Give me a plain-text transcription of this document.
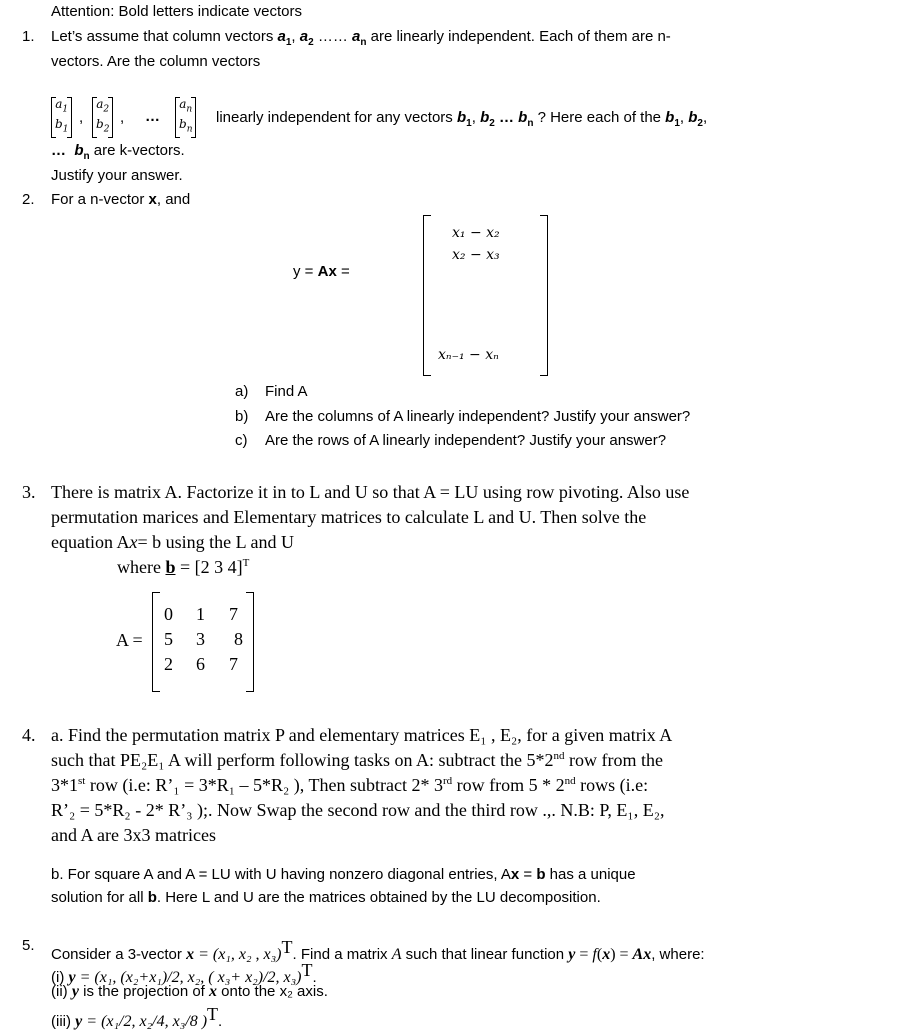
Attention: Bold letters indicate vectors
1. Let’s assume that column vectors $a_1$, $a_2$ …… $a_n$ are linearly independent. Each of them are n-
vectors. Are the column vectors
$a_1$
$b_1$
,
$a_2$
$b_2$
, …
$a_n$
$b_n$
linearly independent for any vectors $b_1$, $b_2$ … $b_n$ ? Here each of the $b_1$, $b_2$,
… $b_n$ are k-vectors.
Justify your answer.
2. For a n-vector x, and
y = Ax =
x₁ − x₂
x₂ − x₃
xₙ₋₁ − xₙ
a) Find A
b) Are the columns of A linearly independent? Justify your answer?
c) Are the rows of A linearly independent? Justify your answer?
3. There is matrix A. Factorize it in to L and U so that A = LU using row pivoting. Also use
permutation marices and Elementary matrices to calculate L and U. Then solve the
equation Ax= b using the L and U
where b = [2 3 4]$^T$
A =
0 1 7
5 3 8
2 6 7
4. a. Find the permutation matrix P and elementary matrices E₁ , E₂, for a given matrix A
such that PE₂E₁ A will perform following tasks on A: subtract the 5*2nd row from the
3*1st row (i.e: R’₁ = 3*R₁ – 5*R₂ ), Then subtract 2* 3rd row from 5 * 2nd rows (i.e:
R’₂ = 5*R₂ - 2* R’₃ );. Now Swap the second row and the third row .,. N.B: P, E₁, E₂,
and A are 3x3 matrices
b. For square A and A = LU with U having nonzero diagonal entries, Ax = b has a unique
solution for all b. Here L and U are the matrices obtained by the LU decomposition.
5.
Consider a 3-vector x = (x₁, x₂ , x₃)$^T$. Find a matrix A such that linear function y = f(x) = Ax, where:
(i) y = (x₁, (x₂+x₁)/2, x₂, ( x₃+ x₂)/2, x₃)$^T$.
(ii) y is the projection of x onto the x₂ axis.
(iii) y = (x₁/2, x₂/4, x₃/8 )$^T$.
